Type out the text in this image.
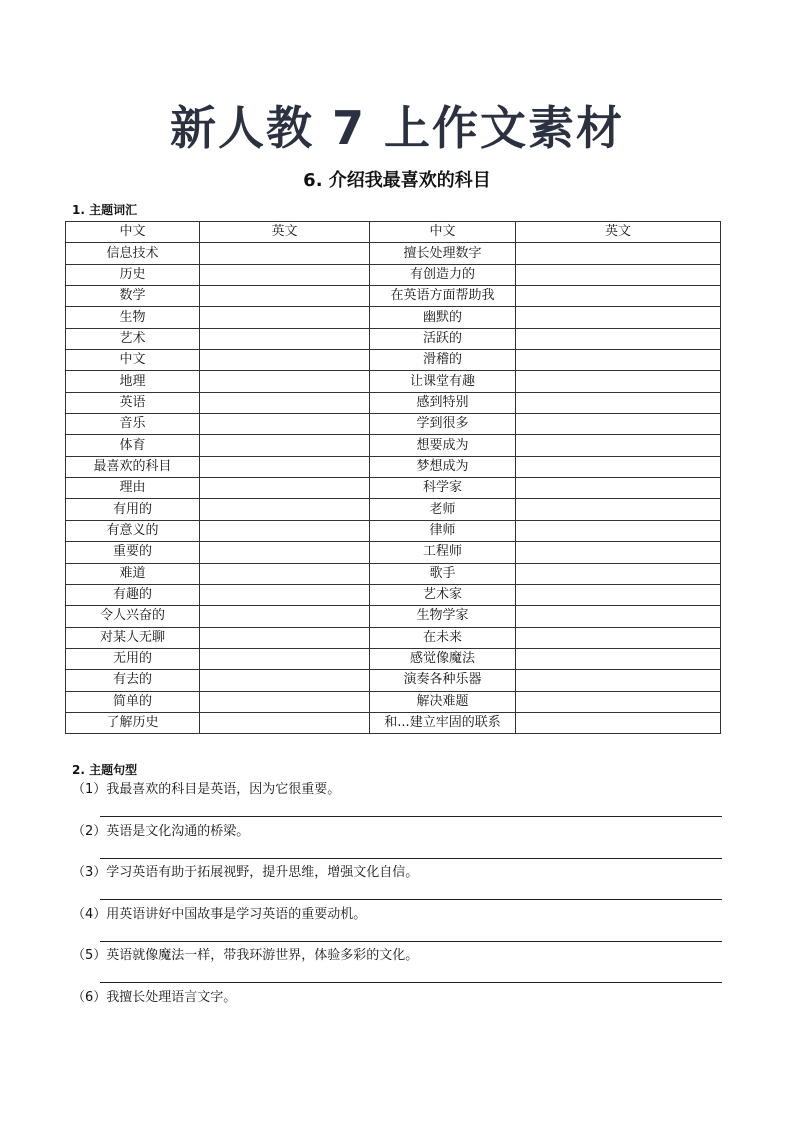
新人教 7 上作文素材
6. 介绍我最喜欢的科目
1. 主题词汇
中文	英文	中文	英文
信息技术		擅长处理数字	
历史		有创造力的	
数学		在英语方面帮助我	
生物		幽默的	
艺术		活跃的	
中文		滑稽的	
地理		让课堂有趣	
英语		感到特别	
音乐		学到很多	
体育		想要成为	
最喜欢的科目		梦想成为	
理由		科学家	
有用的		老师	
有意义的		律师	
重要的		工程师	
难道		歌手	
有趣的		艺术家	
令人兴奋的		生物学家	
对某人无聊		在未来	
无用的		感觉像魔法	
有去的		演奏各种乐器	
简单的		解决难题	
了解历史		和...建立牢固的联系	
2. 主题句型
（1）我最喜欢的科目是英语，因为它很重要。
（2）英语是文化沟通的桥梁。
（3）学习英语有助于拓展视野，提升思维，增强文化自信。
（4）用英语讲好中国故事是学习英语的重要动机。
（5）英语就像魔法一样，带我环游世界，体验多彩的文化。
（6）我擅长处理语言文字。
